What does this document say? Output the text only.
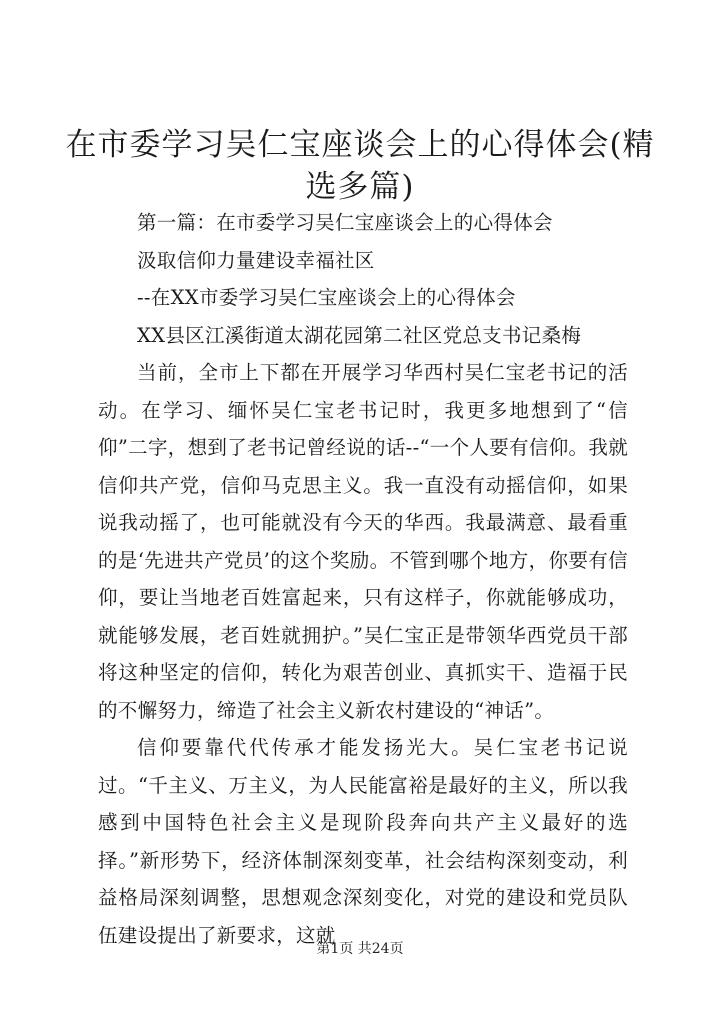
在市委学习吴仁宝座谈会上的心得体会(精选多篇)
第一篇：在市委学习吴仁宝座谈会上的心得体会
汲取信仰力量建设幸福社区
--在XX市委学习吴仁宝座谈会上的心得体会
XX县区江溪街道太湖花园第二社区党总支书记桑梅
当前，全市上下都在开展学习华西村吴仁宝老书记的活动。在学习、缅怀吴仁宝老书记时，我更多地想到了“信仰”二字，想到了老书记曾经说的话--“一个人要有信仰。我就信仰共产党，信仰马克思主义。我一直没有动摇信仰，如果说我动摇了，也可能就没有今天的华西。我最满意、最看重的是‘先进共产党员’的这个奖励。不管到哪个地方，你要有信仰，要让当地老百姓富起来，只有这样子，你就能够成功，就能够发展，老百姓就拥护。”吴仁宝正是带领华西党员干部将这种坚定的信仰，转化为艰苦创业、真抓实干、造福于民的不懈努力，缔造了社会主义新农村建设的“神话”。
信仰要靠代代传承才能发扬光大。吴仁宝老书记说过。“千主义、万主义，为人民能富裕是最好的主义，所以我感到中国特色社会主义是现阶段奔向共产主义最好的选择。”新形势下，经济体制深刻变革，社会结构深刻变动，利益格局深刻调整，思想观念深刻变化，对党的建设和党员队伍建设提出了新要求，这就
第1页 共24页
